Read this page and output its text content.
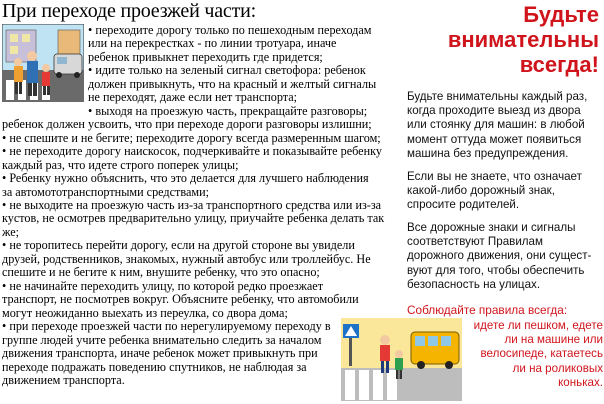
При переходе проезжей части:
• переходите дорогу только по пешеходным переходам
или на перекрестках - по линии тротуара, иначе
ребенок привыкнет переходить где придется;
• идите только на зеленый сигнал светофора: ребенок
должен привыкнуть, что на красный и желтый сигналы
не переходят, даже если нет транспорта;
• выходя на проезжую часть, прекращайте разговоры;
ребенок должен усвоить, что при переходе дороги разговоры излишни;
• не спешите и не бегите; переходите дорогу всегда размеренным шагом;
• не переходите дорогу наискосок, подчеркивайте и показывайте ребенку
каждый раз, что идете строго поперек улицы;
• Ребенку нужно объяснить, что это делается для лучшего наблюдения
за автомототранспортными средствами;
• не выходите на проезжую часть из-за транспортного средства или из-за
кустов, не осмотрев предварительно улицу, приучайте ребенка делать так
же;
• не торопитесь перейти дорогу, если на другой стороне вы увидели
друзей, родственников, знакомых, нужный автобус или троллейбус. Не
спешите и не бегите к ним, внушите ребенку, что это опасно;
• не начинайте переходить улицу, по которой редко проезжает
транспорт, не посмотрев вокруг. Объясните ребенку, что автомобили
могут неожиданно выехать из переулка, со двора дома;
• при переходе проезжей части по нерегулируемому переходу в
группе людей учите ребенка внимательно следить за началом
движения транспорта, иначе ребенок может привыкнуть при
переходе подражать поведению спутников, не наблюдая за
движением транспорта.
Будьте
внимательны
всегда!
Будьте внимательны каждый раз,
когда проходите выезд из двора
или стоянку для машин: в любой
момент оттуда может появиться
машина без предупреждения.
Если вы не знаете, что означает
какой-либо дорожный знак,
спросите родителей.
Все дорожные знаки и сигналы
соответствуют Правилам
дорожного движения, они сущест-
вуют для того, чтобы обеспечить
безопасность на улицах.
Соблюдайте правила всегда:
идете ли пешком, едете
ли на машине или
велосипеде, катаетесь
ли на роликовых
коньках.
